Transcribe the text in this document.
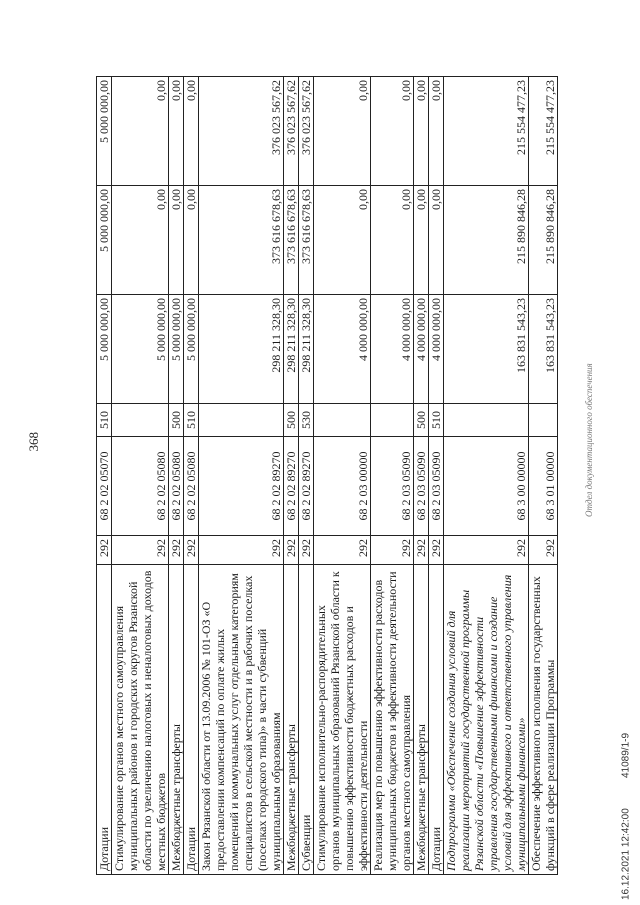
Дотации	292	68 2 02 05070	510	5 000 000,00	5 000 000,00	5 000 000,00
Стимулирование органов местного самоуправления муниципальных районов и городских округов Рязанской области по увеличению налоговых и неналоговых доходов местных бюджетов	292	68 2 02 05080		5 000 000,00	0,00	0,00
Межбюджетные трансферты	292	68 2 02 05080	500	5 000 000,00	0,00	0,00
Дотации	292	68 2 02 05080	510	5 000 000,00	0,00	0,00
Закон Рязанской области от 13.09.2006 № 101-ОЗ «О предоставлении компенсаций по оплате жилых помещений и коммунальных услуг отдельным категориям специалистов в сельской местности и в рабочих поселках (поселках городского типа)» в части субвенций муниципальным образованиям	292	68 2 02 89270		298 211 328,30	373 616 678,63	376 023 567,62
Межбюджетные трансферты	292	68 2 02 89270	500	298 211 328,30	373 616 678,63	376 023 567,62
Субвенции	292	68 2 02 89270	530	298 211 328,30	373 616 678,63	376 023 567,62
Стимулирование исполнительно-распорядительных органов муниципальных образований Рязанской области к повышению эффективности бюджетных расходов и эффективности деятельности	292	68 2 03 00000		4 000 000,00	0,00	0,00
Реализация мер по повышению эффективности расходов муниципальных бюджетов и эффективности деятельности органов местного самоуправления	292	68 2 03 05090		4 000 000,00	0,00	0,00
Межбюджетные трансферты	292	68 2 03 05090	500	4 000 000,00	0,00	0,00
Дотации	292	68 2 03 05090	510	4 000 000,00	0,00	0,00
Подпрограмма «Обеспечение создания условий для реализации мероприятий государственной программы Рязанской области «Повышение эффективности управления государственными финансами и создание условий для эффективного и ответственного управления муниципальными финансами»	292	68 3 00 00000		163 831 543,23	215 890 846,28	215 554 477,23
Обеспечение эффективного исполнения государственных функций в сфере реализации Программы	292	68 3 01 00000		163 831 543,23	215 890 846,28	215 554 477,23
368	Отдел документационного обеспечения
16.12.2021 12:42:00
41089/1-9
